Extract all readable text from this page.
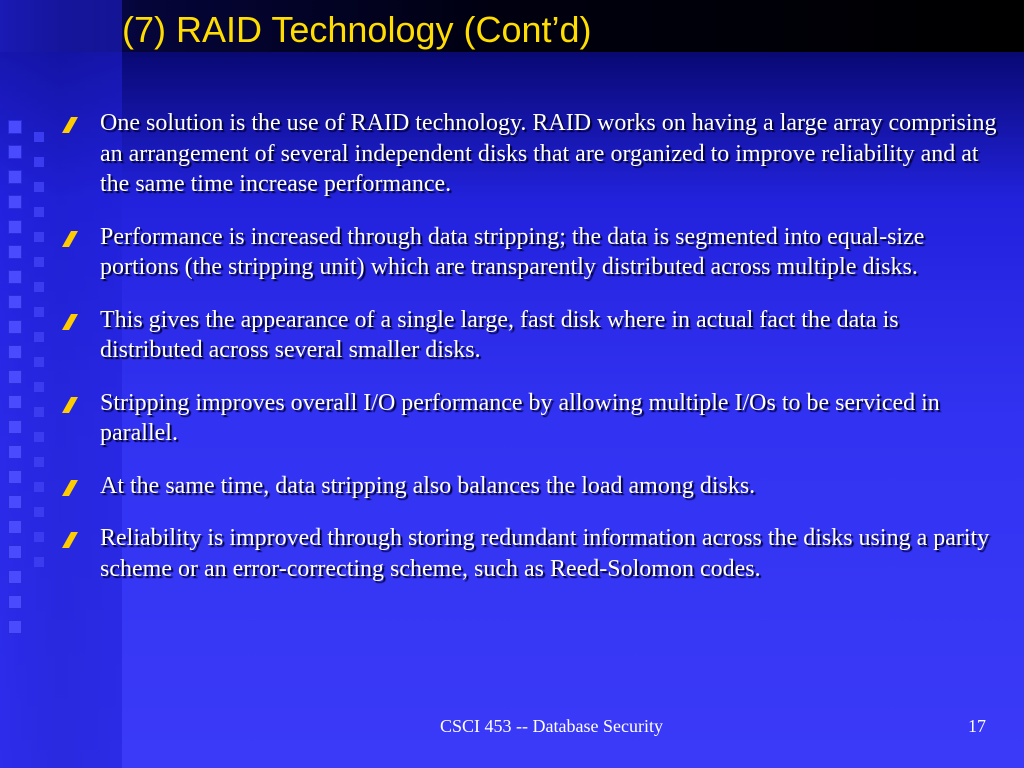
(7) RAID Technology (Cont’d)
One solution is the use of RAID technology. RAID works on having a large array comprising an arrangement of several independent disks that are organized to improve reliability and at the same time increase performance.
Performance is increased through data stripping; the data is segmented into equal-size portions (the stripping unit) which are transparently distributed across multiple disks.
This gives the appearance of a single large, fast disk where in actual fact the data is distributed across several smaller disks.
Stripping improves overall I/O performance by allowing multiple I/Os to be serviced in parallel.
At the same time, data stripping also balances the load among disks.
Reliability is improved through storing redundant information across the disks using a parity scheme or an error-correcting scheme, such as Reed-Solomon codes.
CSCI 453 -- Database Security	17
